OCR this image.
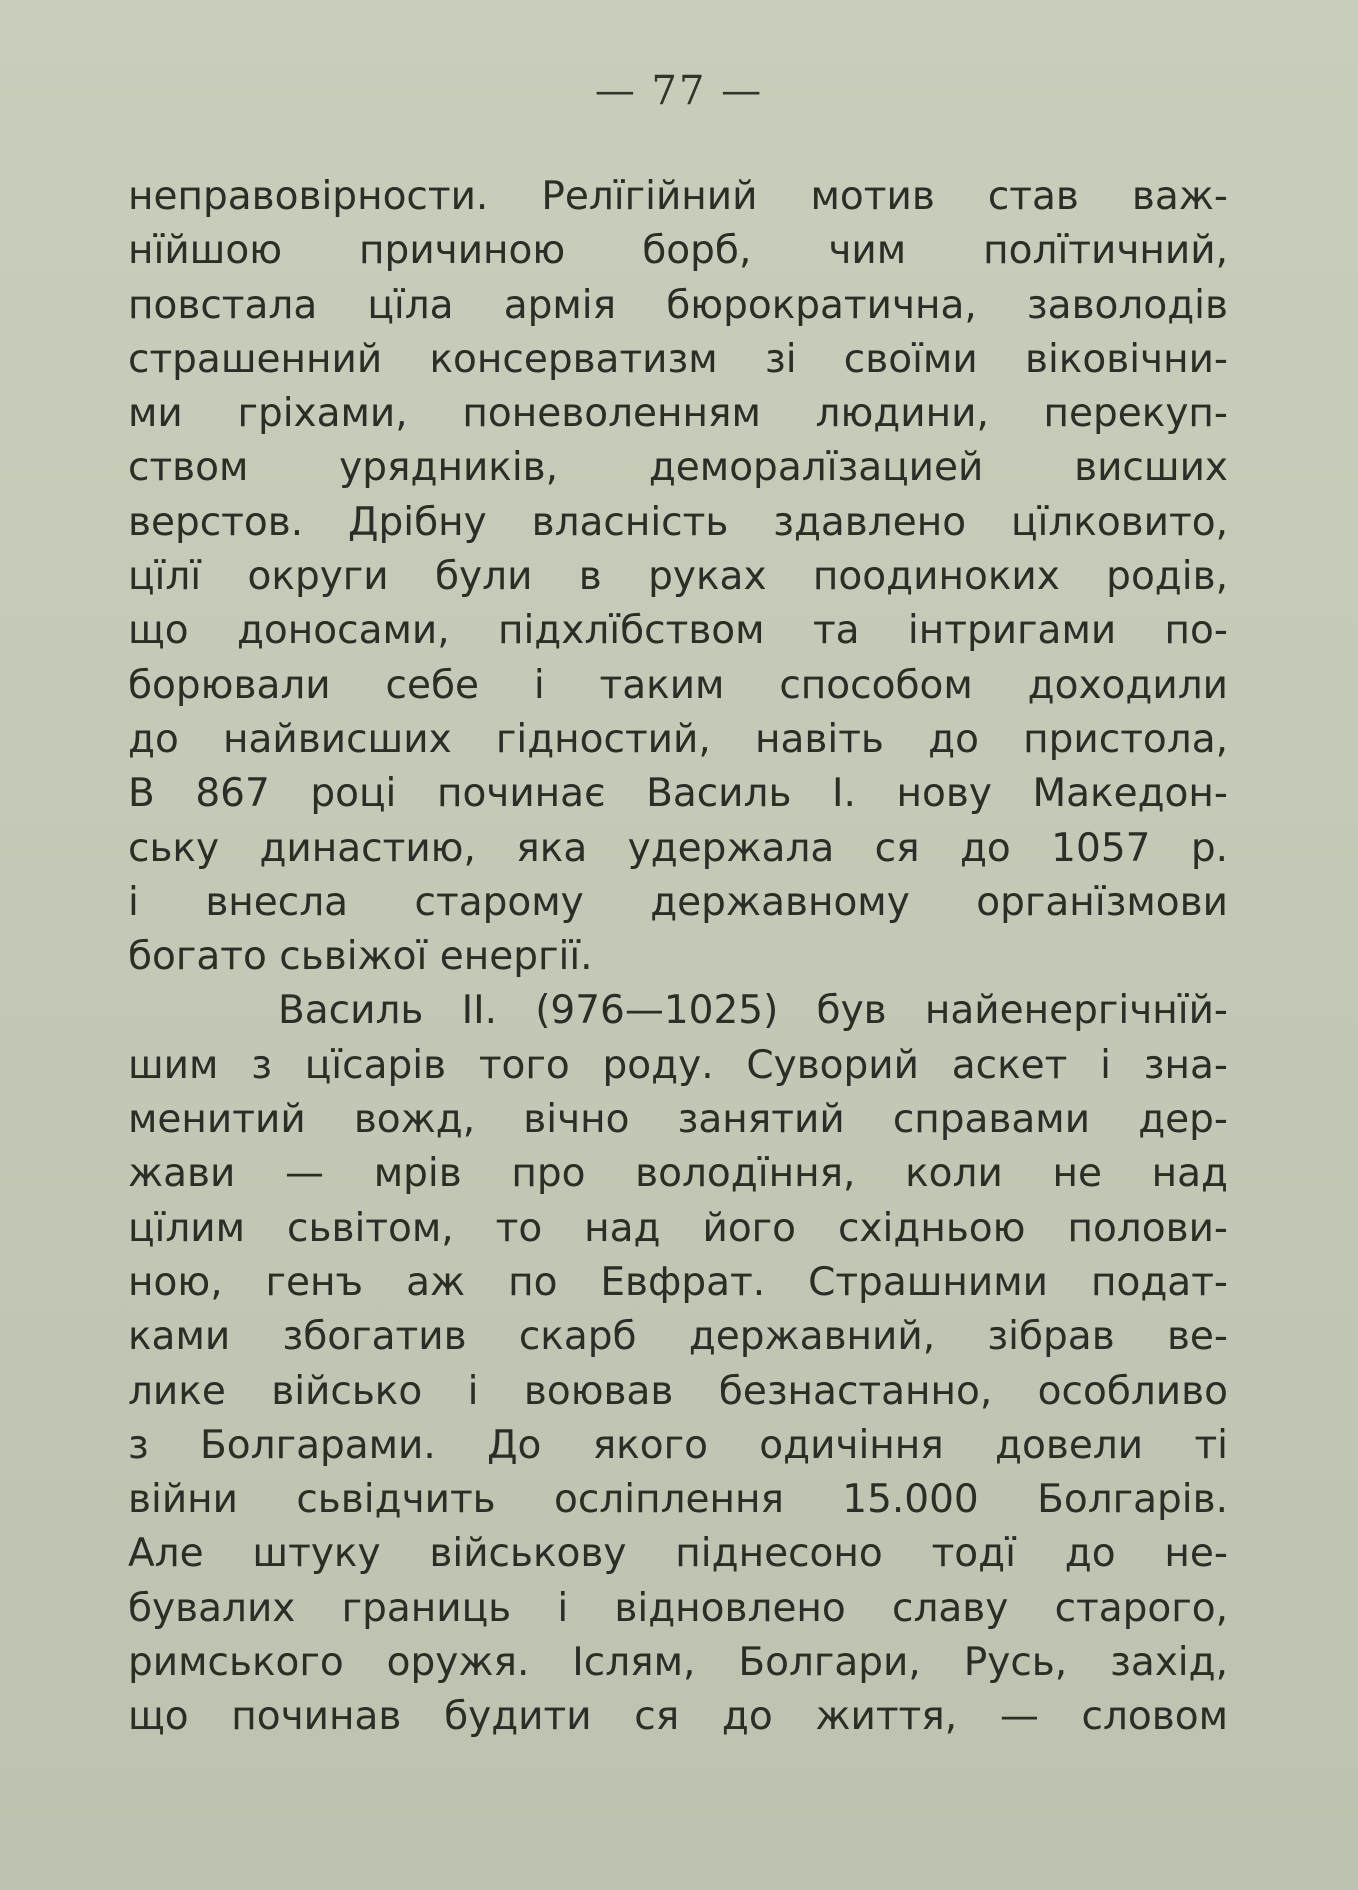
— 77 —
неправовірности. Релїгійний мотив став важ-
нїйшою причиною борб, чим полїтичний,
повстала цїла армія бюрократична, заволодів
страшенний консерватизм зі своїми віковічни-
ми гріхами, поневоленням людини, перекуп-
ством урядників, деморалїзацией висших
верстов. Дрібну власність здавлено цїлковито,
цїлї округи були в руках поодиноких родів,
що доносами, підхлїбством та інтригами по-
борювали себе і таким способом доходили
до найвисших гідностий, навіть до пристола,
В 867 році починає Василь І. нову Македон-
ську династию, яка удержала ся до 1057 р.
і внесла старому державному органїзмови
богато сьвіжої енергії.
Василь II. (976—1025) був найенергічнїй-
шим з цїсарів того роду. Суворий аскет і зна-
менитий вожд, вічно занятий справами дер-
жави — мрів про володїння, коли не над
цїлим сьвітом, то над його східньою полови-
ною, генъ аж по Евфрат. Страшними подат-
ками збогатив скарб державний, зібрав ве-
лике військо і воював безнастанно, особливо
з Болгарами. До якого одичіння довели ті
війни сьвідчить осліплення 15.000 Болгарів.
Але штуку військову піднесоно тодї до не-
бувалих границь і відновлено славу старого,
римського оружя. Іслям, Болгари, Русь, захід,
що починав будити ся до життя, — словом
